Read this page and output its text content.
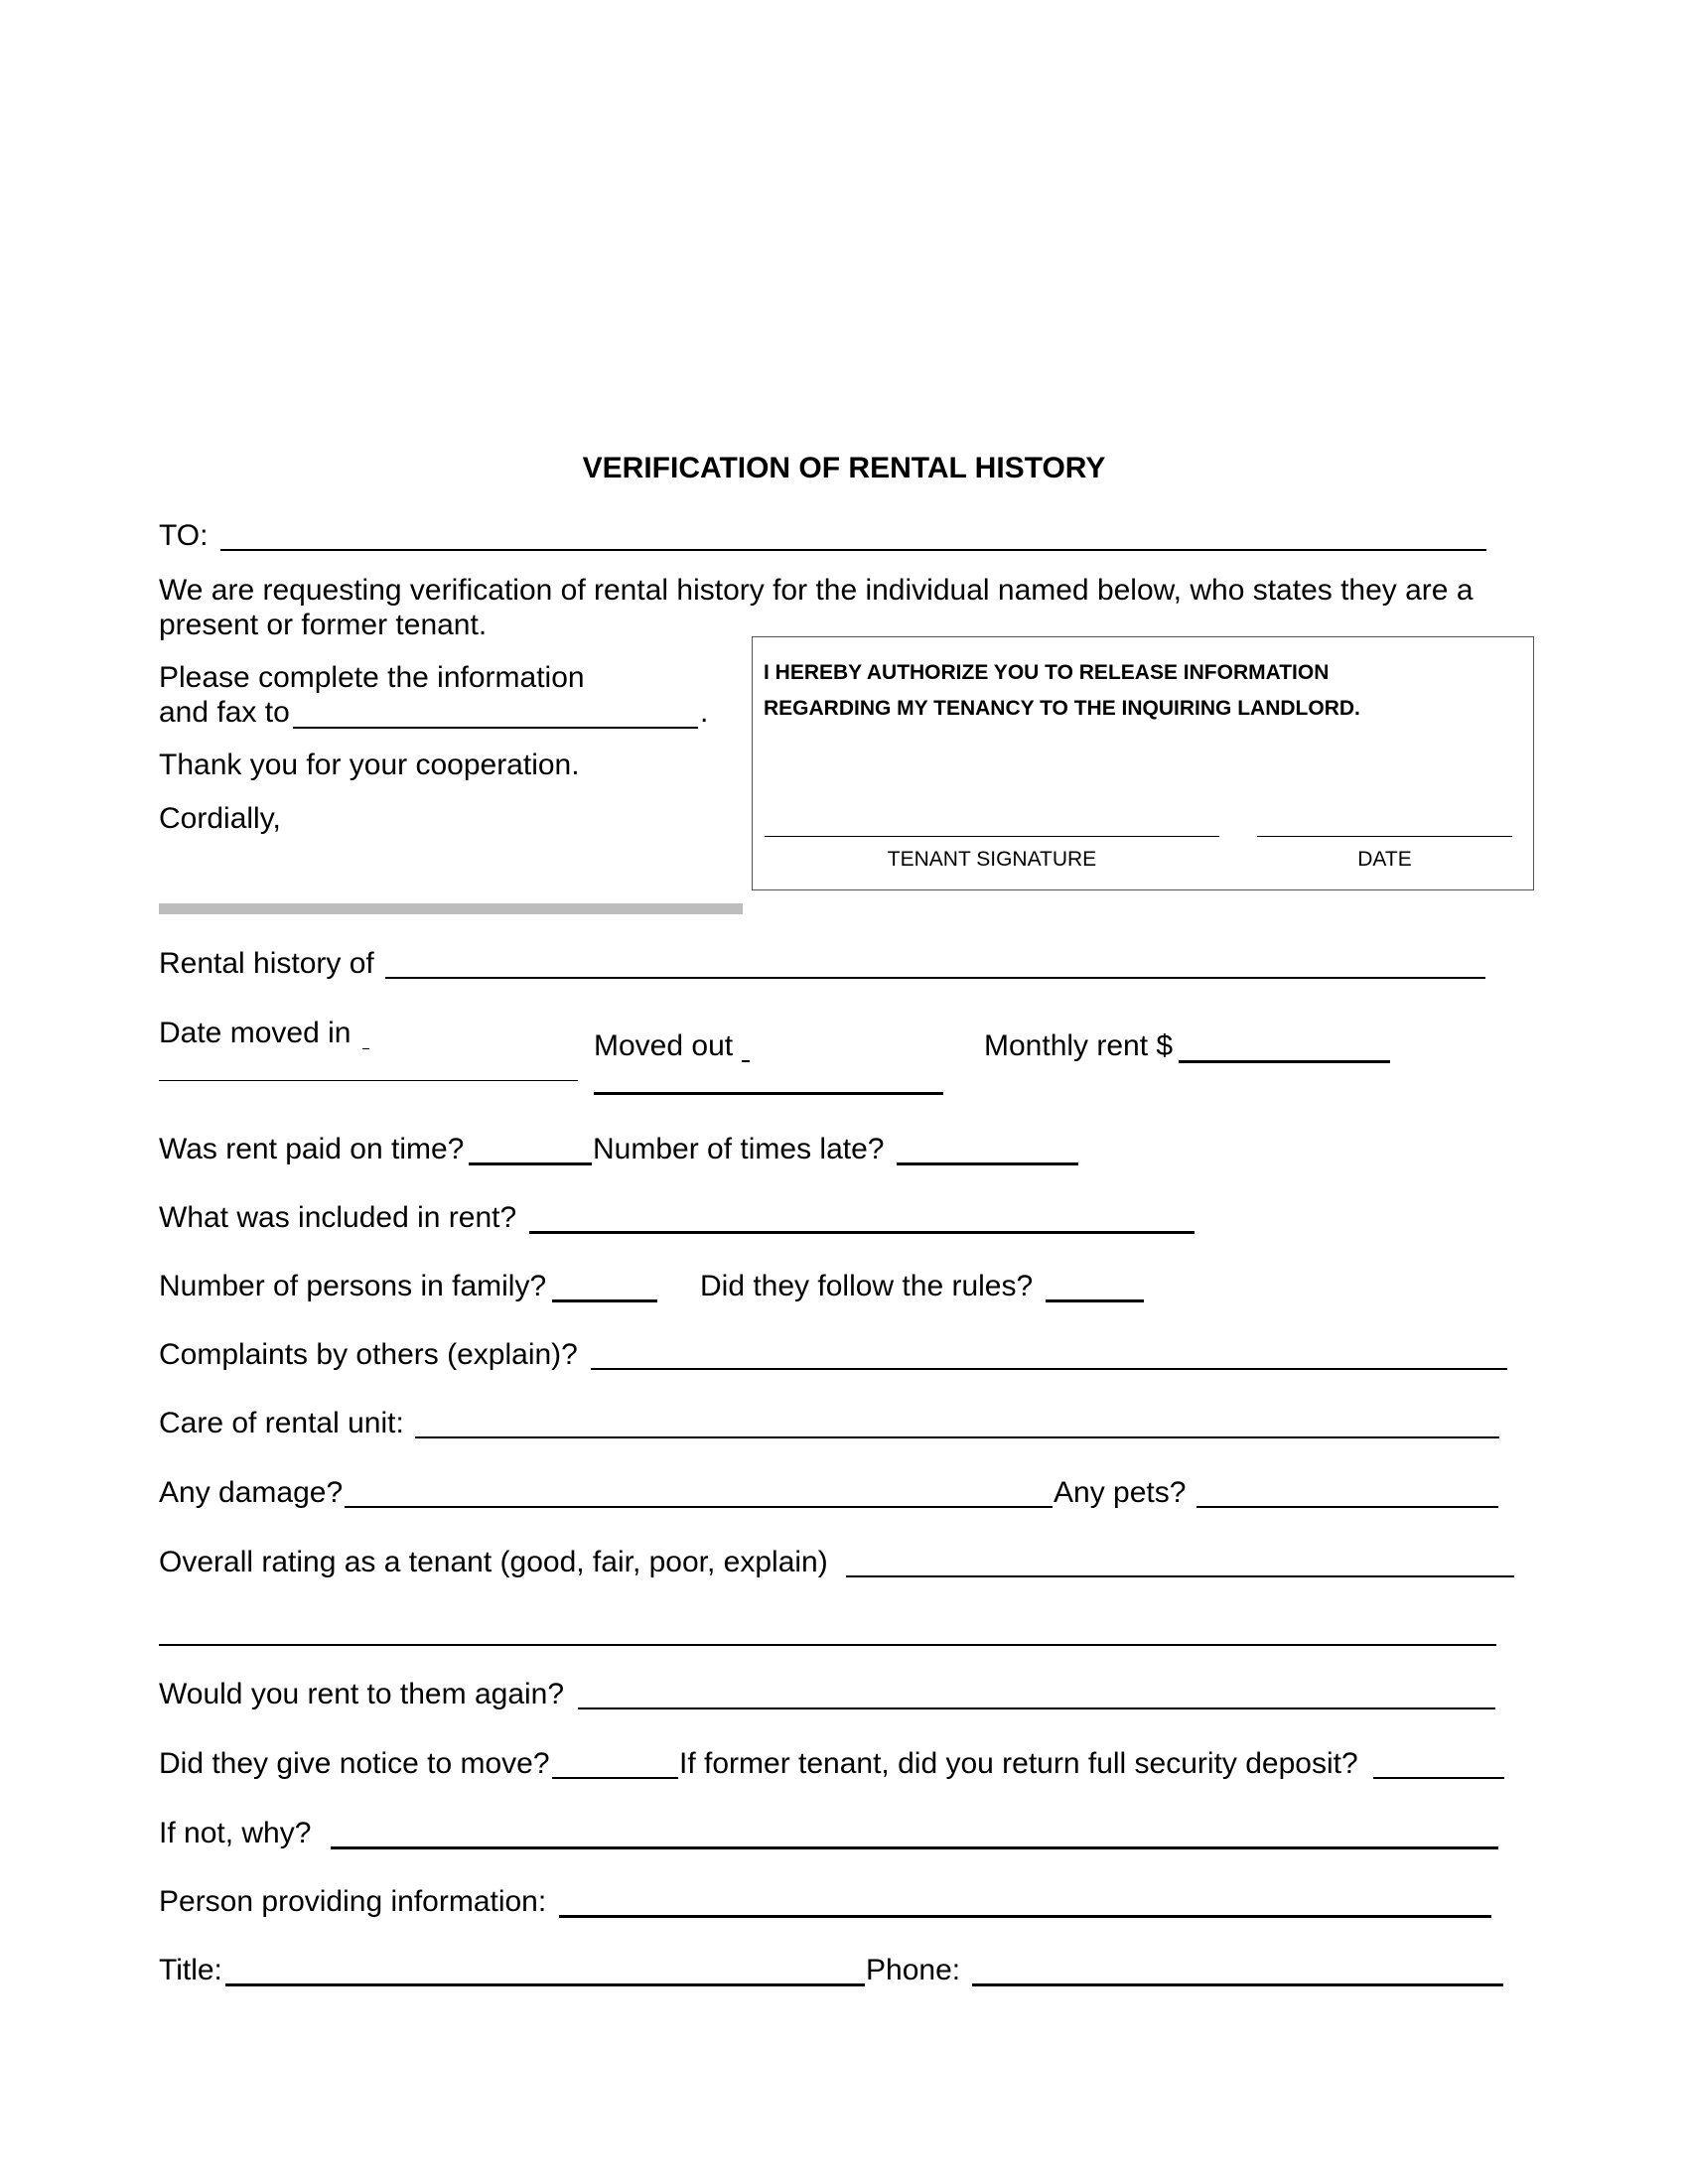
VERIFICATION OF RENTAL HISTORY
TO:
We are requesting verification of rental history for the individual named below, who states they are a
present or former tenant.
Please complete the information
and fax to	.
Thank you for your cooperation.
Cordially,
I HEREBY AUTHORIZE YOU TO RELEASE INFORMATION
REGARDING MY TENANCY TO THE INQUIRING LANDLORD.
TENANT SIGNATURE	DATE
Rental history of
Date moved in	Moved out	Monthly rent $
Was rent paid on time?	Number of times late?
What was included in rent?
Number of persons in family?	Did they follow the rules?
Complaints by others (explain)?
Care of rental unit:
Any damage?	Any pets?
Overall rating as a tenant (good, fair, poor, explain)
Would you rent to them again?
Did they give notice to move?	If former tenant, did you return full security deposit?
If not, why?
Person providing information:
Title:	Phone:
